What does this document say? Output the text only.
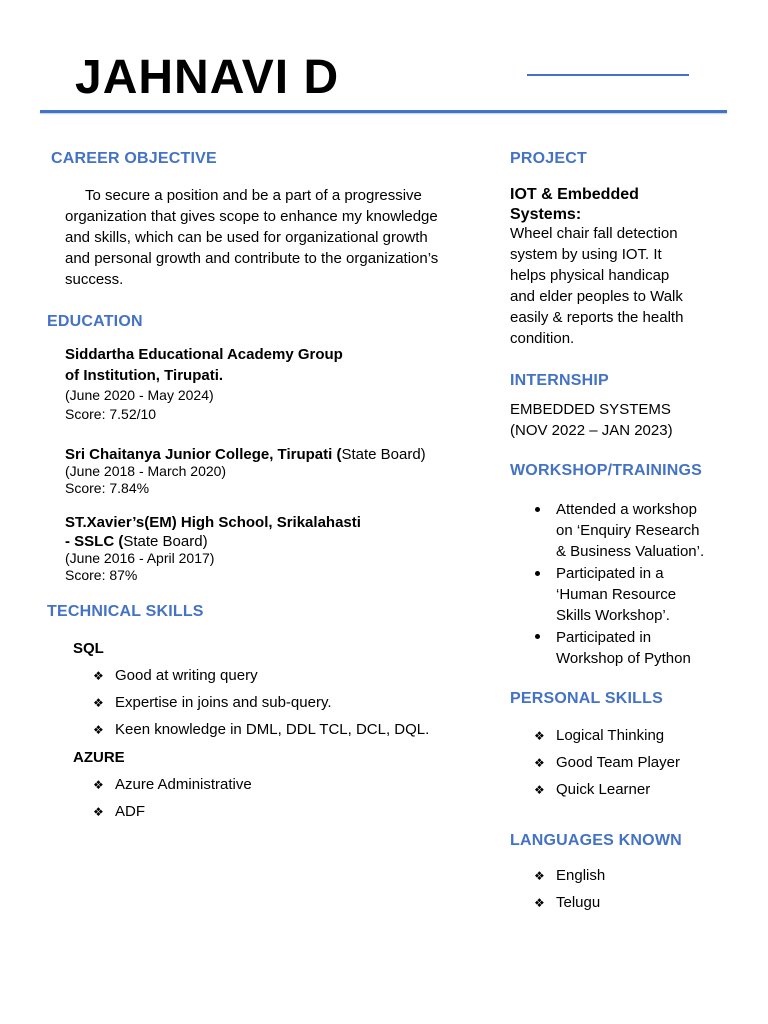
JAHNAVI D
CAREER OBJECTIVE
To secure a position and be a part of a progressive
organization that gives scope to enhance my knowledge
and skills, which can be used for organizational growth
and personal growth and contribute to the organization’s
success.
EDUCATION
Siddartha Educational Academy Group
of Institution, Tirupati.
(June 2020 - May 2024)
Score: 7.52/10
Sri Chaitanya Junior College, Tirupati (State Board)
(June 2018 - March 2020)
Score: 7.84%
ST.Xavier’s(EM) High School, Srikalahasti
- SSLC (State Board)
(June 2016 - April 2017)
Score: 87%
TECHNICAL SKILLS
SQL
❖ Good at writing query
❖ Expertise in joins and sub-query.
❖ Keen knowledge in DML, DDL TCL, DCL, DQL.
AZURE
❖ Azure Administrative
❖ ADF
PROJECT
IOT & Embedded
Systems:
Wheel chair fall detection
system by using IOT. It
helps physical handicap
and elder peoples to Walk
easily & reports the health
condition.
INTERNSHIP
EMBEDDED SYSTEMS
(NOV 2022 – JAN 2023)
WORKSHOP/TRAININGS
Attended a workshop
on ‘Enquiry Research
& Business Valuation’.
Participated in a
‘Human Resource
Skills Workshop’.
Participated in
Workshop of Python
PERSONAL SKILLS
❖ Logical Thinking
❖ Good Team Player
❖ Quick Learner
LANGUAGES KNOWN
❖ English
❖ Telugu
